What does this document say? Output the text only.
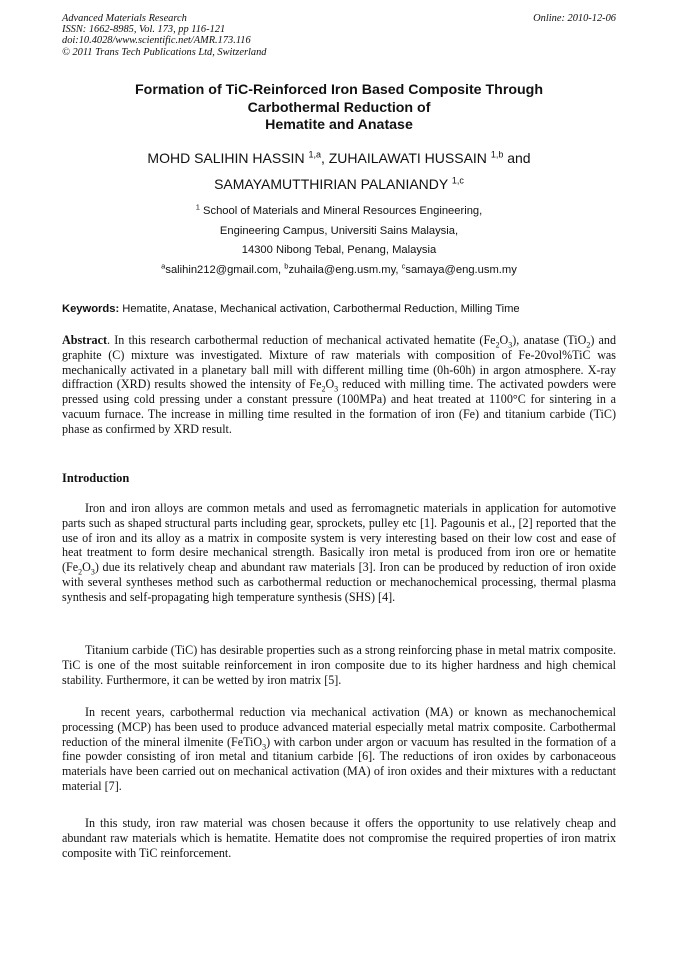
Advanced Materials Research
ISSN: 1662-8985, Vol. 173, pp 116-121
doi:10.4028/www.scientific.net/AMR.173.116
© 2011 Trans Tech Publications Ltd, Switzerland
Online: 2010-12-06
Formation of TiC-Reinforced Iron Based Composite Through
Carbothermal Reduction of
Hematite and Anatase
MOHD SALIHIN HASSIN $^{1,a}$, ZUHAILAWATI HUSSAIN $^{1,b}$ and
SAMAYAMUTTHIRIAN PALANIANDY $^{1,c}$
$^1$ School of Materials and Mineral Resources Engineering,
Engineering Campus, Universiti Sains Malaysia,
14300 Nibong Tebal, Penang, Malaysia
$^a$salihin212@gmail.com, $^b$zuhaila@eng.usm.my, $^c$samaya@eng.usm.my
Keywords: Hematite, Anatase, Mechanical activation, Carbothermal Reduction, Milling Time

Abstract. In this research carbothermal reduction of mechanical activated hematite $(Fe_2O_3)$, anatase (TiO$_2$) and graphite (C) mixture was investigated. Mixture of raw materials with composition of Fe-20vol%TiC was mechanically activated in a planetary ball mill with different milling time (0h-60h) in argon atmosphere. X-ray diffraction (XRD) results showed the intensity of $Fe_2O_3$ reduced with milling time. The activated powders were pressed using cold pressing under a constant pressure (100MPa) and heat treated at 1100°C for sintering in a vacuum furnace. The increase in milling time resulted in the formation of iron (Fe) and titanium carbide (TiC) phase as confirmed by XRD result.

Introduction

Iron and iron alloys are common metals and used as ferromagnetic materials in application for automotive parts such as shaped structural parts including gear, sprockets, pulley etc [1]. Pagounis et al., [2] reported that the use of iron and its alloy as a matrix in composite system is very interesting based on their low cost and ease of heat treatment to form desire mechanical strength. Basically iron metal is produced from iron ore or hematite $(Fe_2O_3)$ due its relatively cheap and abundant raw materials [3]. Iron can be produced by reduction of iron oxide with several syntheses method such as carbothermal reduction or mechanochemical processing, thermal plasma synthesis and self-propagating high temperature synthesis (SHS) [4].

Titanium carbide (TiC) has desirable properties such as a strong reinforcing phase in metal matrix composite. TiC is one of the most suitable reinforcement in iron composite due to its higher hardness and high chemical stability. Furthermore, it can be wetted by iron matrix [5].

In recent years, carbothermal reduction via mechanical activation (MA) or known as mechanochemical processing (MCP) has been used to produce advanced material especially metal matrix composite. Carbothermal reduction of the mineral ilmenite (FeTiO$_3$) with carbon under argon or vacuum has resulted in the formation of a fine powder consisting of iron metal and titanium carbide [6]. The reductions of iron oxides by carbonaceous materials have been carried out on mechanical activation (MA) of iron oxides and their mixtures with a reductant material [7].

In this study, iron raw material was chosen because it offers the opportunity to use relatively cheap and abundant raw materials which is hematite. Hematite does not compromise the required properties of iron matrix composite with TiC reinforcement.
